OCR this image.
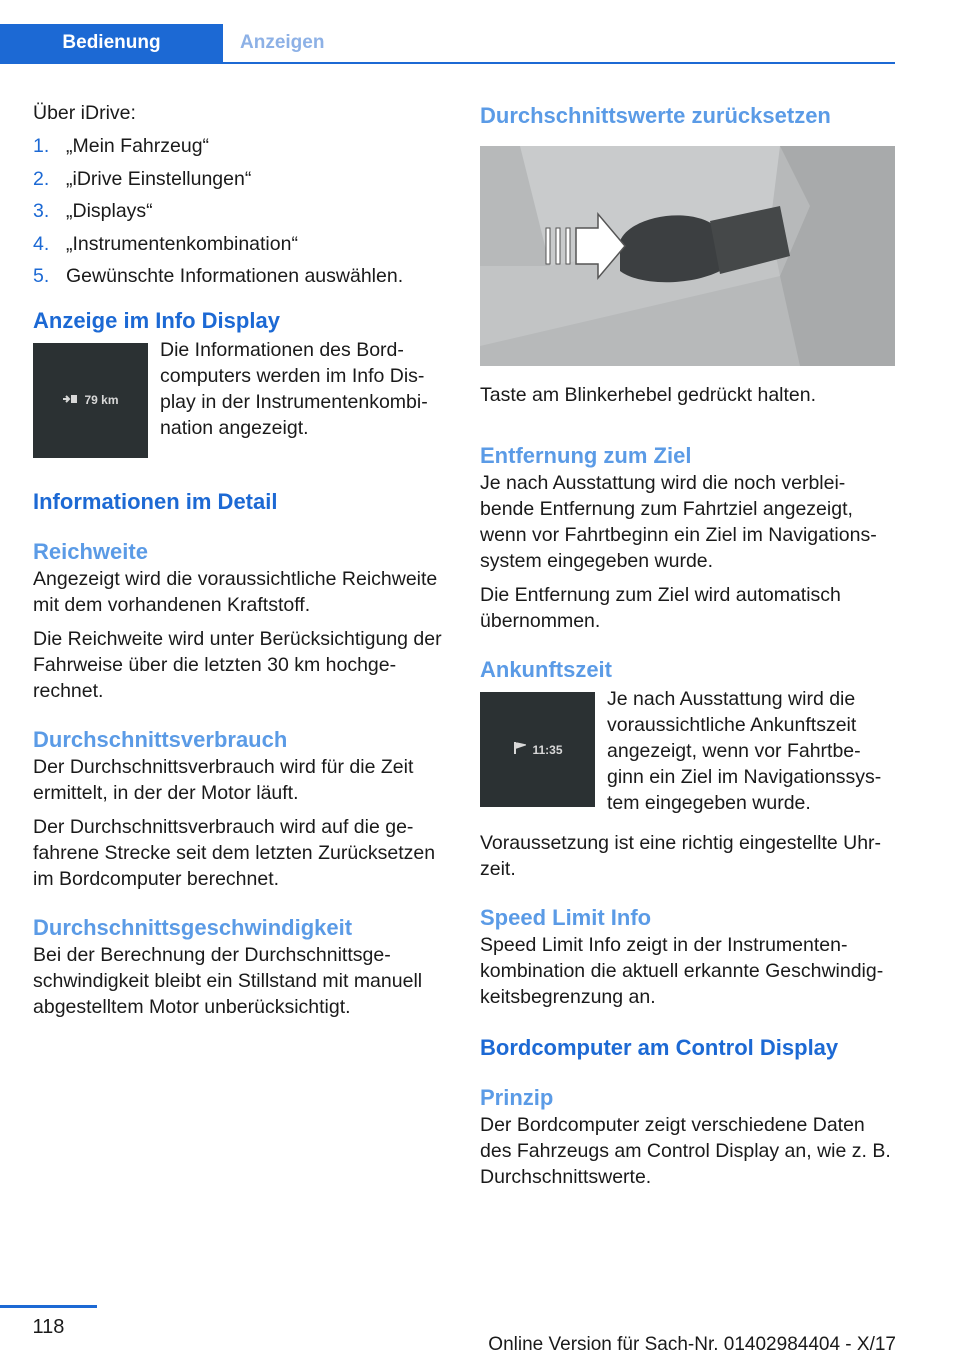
Bedienung	Anzeigen

Über iDrive:

1. „Mein Fahrzeug“
2. „iDrive Einstellungen“
3. „Displays“
4. „Instrumentenkombination“
5. Gewünschte Informationen auswählen.
Anzeige im Info Display
79 km

Die Informationen des Bord-computers werden im Info Dis-play in der Instrumentenkombi-nation angezeigt.

Informationen im Detail
Reichweite

Angezeigt wird die voraussichtliche Reichweite mit dem vorhandenen Kraftstoff.

Die Reichweite wird unter Berücksichtigung der Fahrweise über die letzten 30 km hochge-rechnet.

Durchschnittsverbrauch

Der Durchschnittsverbrauch wird für die Zeit ermittelt, in der der Motor läuft.

Der Durchschnittsverbrauch wird auf die ge-fahrene Strecke seit dem letzten Zurücksetzen im Bordcomputer berechnet.

Durchschnittsgeschwindigkeit

Bei der Berechnung der Durchschnittsge-schwindigkeit bleibt ein Stillstand mit manuell abgestelltem Motor unberücksichtigt.

Durchschnittswerte zurücksetzen

Taste am Blinkerhebel gedrückt halten.

Entfernung zum Ziel

Je nach Ausstattung wird die noch verblei-bende Entfernung zum Fahrtziel angezeigt, wenn vor Fahrtbeginn ein Ziel im Navigations-system eingegeben wurde.

Die Entfernung zum Ziel wird automatisch übernommen.

Ankunftszeit
11:35

Je nach Ausstattung wird die voraussichtliche Ankunftszeit angezeigt, wenn vor Fahrtbe-ginn ein Ziel im Navigationssys-tem eingegeben wurde.

Voraussetzung ist eine richtig eingestellte Uhr-zeit.

Speed Limit Info

Speed Limit Info zeigt in der Instrumenten-kombination die aktuell erkannte Geschwindig-keitsbegrenzung an.

Bordcomputer am Control Display
Prinzip

Der Bordcomputer zeigt verschiedene Daten des Fahrzeugs am Control Display an, wie z. B. Durchschnittswerte.

118
Online Version für Sach-Nr. 01402984404 - X/17
